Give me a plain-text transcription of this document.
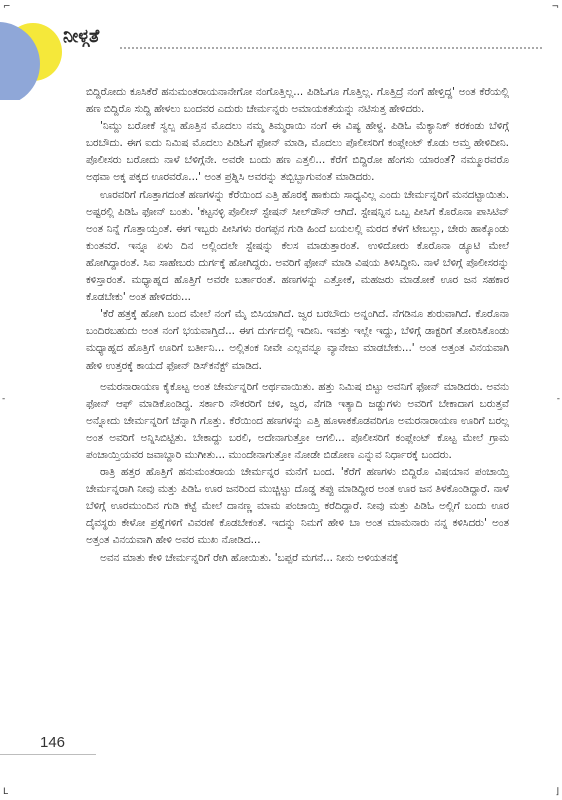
⌐	¬
L	⌋
-	-
ನೀಳ್ಗತೆ

ಬಿದ್ದಿರೋದು ಕೂಸಿಕೆರೆ ಹನುಮಂತರಾಯನಾನೇಗೋ ನಂಗೊತ್ತಿಲ್ಲ... ಪಿಡಿಓಗೂ ಗೊತ್ತಿಲ್ಲ. ಗೊತ್ತಿದ್ರೆ ನಂಗೆ ಹೇಳ್ತಿದ್ದ' ಅಂತ ಕೆರೆಯಲ್ಲಿ ಹಣ ಬಿದ್ದಿರೊ ಸುದ್ದಿ ಹೇಳಲು ಬಂದವರ ಎದುರು ಚೇರ್ಮನ್ನರು ಅಮಾಯಕತೆಯನ್ನು ನಟಿಸುತ್ತ ಹೇಳಿದರು.

'ನಿಮ್ದು ಬರೋಕೆ ಸ್ವಲ್ಪ ಹೊತ್ತಿನ ಮೊದಲು ನಮ್ಮ ತಿಮ್ಮರಾಯಿ ನಂಗೆ ಈ ವಿಷ್ಯ ಹೇಳ್ದ. ಪಿಡಿಓ ಮೆಕ್ಯಾನಿಕ್ ಕರಕಂಡು ಬೆಳಿಗ್ಗೆ ಬರಬೌದು. ಈಗ ಐದು ನಿಮಿಷ ಮೊದಲು ಪಿಡಿಓಗೆ ಫೋನ್ ಮಾಡಿ, ಮೊದಲು ಪೊಲೀಸರಿಗೆ ಕಂಪ್ಲೇಂಟ್ ಕೊಡು ಅಮ್ತ ಹೇಳಿದೀನಿ. ಪೊಲೀಸರು ಬರೋದು ನಾಳೆ ಬೆಳಿಗ್ಗೆನೇ. ಅವರೇ ಬಂದು ಹಣ ಎತ್ತಲಿ... ಕೆರೆಗೆ ಬಿದ್ದಿರೋ ಹೆಂಗಸು ಯಾರಂತೆ? ನಮ್ಮೂರವರೊ ಅಥವಾ ಅಕ್ಕ ಪಕ್ಕದ ಊರವರೊ...' ಅಂತ ಪ್ರಶ್ನಿಸಿ ಅವರನ್ನು ತಬ್ಬಿಬ್ಬಾಗುವಂತೆ ಮಾಡಿದರು.

ಊರವರಿಗೆ ಗೊತ್ತಾಗದಂತೆ ಹಣಗಳನ್ನು ಕೆರೆಯಿಂದ ಎತ್ತಿ ಹೊರಕ್ಕೆ ಹಾಕುದು ಸಾಧ್ಯವಿಲ್ಲ ಎಂದು ಚೇರ್ಮನ್ನರಿಗೆ ಮನದಟ್ಟಾಯಿತು. ಅಷ್ಟರಲ್ಲಿ ಪಿಡಿಓ ಫೋನ್ ಬಂತು. 'ಕಟ್ಟನಳ್ಳಿ ಪೊಲೀಸ್ ಸ್ಟೇಷನ್ ಸೀಲ್‌ಡೌನ್ ಆಗಿದೆ. ಸ್ಟೇಷನ್ನಿನ ಒಬ್ಬ ಪೀಸಿಗೆ ಕೊರೊನಾ ಪಾಸಿಟಿವ್ ಅಂತ ನಿನ್ನೆ ಗೊತ್ತಾಯ್ತಂತೆ. ಈಗ ಇಬ್ಬರು ಪೀಸಿಗಳು ರಂಗಪ್ಪನ ಗುಡಿ ಹಿಂದೆ ಬಯಲಲ್ಲಿ ಮರದ ಕೆಳಗೆ ಟೇಬಲ್ಲು, ಚೇರು ಹಾಕ್ಕೊಂಡು ಕುಂತವರೆ. ಇನ್ನೂ ಏಳು ದಿನ ಅಲ್ಲಿಂದಲೇ ಸ್ಟೇಷನ್ನು ಕೆಲಸ ಮಾಡುತ್ತಾರಂತೆ. ಉಳಿದೋರು ಕೊರೊನಾ ಡ್ಯೂಟಿ ಮೇಲೆ ಹೋಗಿದ್ದಾರಂತೆ. ಸಿಐ ಸಾಹೇಬರು ದುರ್ಗಕ್ಕೆ ಹೋಗಿದ್ದರು. ಅವರಿಗೆ ಫೋನ್ ಮಾಡಿ ವಿಷಯ ತಿಳಿಸಿದ್ದೀನಿ. ನಾಳೆ ಬೆಳಿಗ್ಗೆ ಪೊಲೀಸರನ್ನು ಕಳಿಸ್ತಾರಂತೆ. ಮಧ್ಯಾಹ್ನದ ಹೊತ್ತಿಗೆ ಅವರೇ ಬರ್ತಾರಂತೆ. ಹಣಗಳನ್ನು ಎತ್ತೋಕೆ, ಮಹಜರು ಮಾಡೋಕೆ ಊರ ಜನ ಸಹಕಾರ ಕೊಡಬೇಕು' ಅಂತ ಹೇಳಿದರು...

'ಕೆರೆ ಹತ್ರಕ್ಕೆ ಹೋಗಿ ಬಂದ ಮೇಲೆ ನಂಗೆ ಮೈ ಬಿಸಿಯಾಗಿದೆ. ಜ್ವರ ಬರಬೌದು ಅನ್ನಂಗಿದೆ. ನೆಗಡಿನೂ ಶುರುವಾಗಿದೆ. ಕೊರೊನಾ ಬಂದಿರಬಹುದು ಅಂತ ನಂಗೆ ಭಯವಾಗ್ತಿದೆ... ಈಗ ದುರ್ಗದಲ್ಲಿ ಇದೀನಿ. ಇವತ್ತು ಇಲ್ಲೇ ಇದ್ದು, ಬೆಳಿಗ್ಗೆ ಡಾಕ್ಟರಿಗೆ ತೋರಿಸಿಕೊಂಡು ಮಧ್ಯಾಹ್ನದ ಹೊತ್ತಿಗೆ ಊರಿಗೆ ಬರ್ತೀನಿ... ಅಲ್ಲಿತಂಕ ನೀವೇ ಎಲ್ಲವನ್ನೂ ವ್ಯಾನೇಜು ಮಾಡಬೇಕು...' ಅಂತ ಅತ್ತಂತ ವಿನಯವಾಗಿ ಹೇಳಿ ಉತ್ತರಕ್ಕೆ ಕಾಯದೆ ಫೋನ್ ಡಿಸ್‌ಕನೆಕ್ಟ್ ಮಾಡಿದ.

ಅಮರನಾರಾಯಣ ಕೈಕೊಟ್ಟ ಅಂತ ಚೇರ್ಮನ್ನರಿಗೆ ಅರ್ಥವಾಯಿತು. ಹತ್ತು ನಿಮಿಷ ಬಿಟ್ಟು ಅವನಿಗೆ ಫೋನ್ ಮಾಡಿದರು. ಅವನು ಫೋನ್ ಆಫ್ ಮಾಡಿಕೊಂಡಿದ್ದ. ಸರ್ಕಾರಿ ನೌಕರರಿಗೆ ಚಳಿ, ಜ್ವರ, ನೆಗಡಿ ಇತ್ಯಾದಿ ಜಡ್ಡುಗಳು ಅವರಿಗೆ ಬೇಕಾದಾಗ ಬರುತ್ತವೆ ಅನ್ನೋದು ಚೇರ್ಮನ್ನರಿಗೆ ಚೆನ್ನಾಗಿ ಗೊತ್ತು. ಕೆರೆಯಿಂದ ಹಣಗಳನ್ನು ಎತ್ತಿ ಹೂಳಾಕಕೊಡವರಿಗೂ ಅಮರನಾರಾಯಣ ಊರಿಗೆ ಬರಲ್ಲ ಅಂತ ಅವರಿಗೆ ಅನ್ನಿಸಿಬಿಟ್ಟಿತು. ಬೇಕಾದ್ದು ಬರಲಿ, ಅದೇನಾಗುತ್ತೋ ಆಗಲಿ... ಪೊಲೀಸರಿಗೆ ಕಂಪ್ಲೇಂಟ್ ಕೊಟ್ಟ ಮೇಲೆ ಗ್ರಾಮ ಪಂಚಾಯ್ತಿಯವರ ಜವಾಬ್ದಾರಿ ಮುಗೀತು... ಮುಂದೇನಾಗುತ್ತೋ ನೋಡೇ ಬಿಡೋಣ ಎನ್ನುವ ನಿರ್ಧಾರಕ್ಕೆ ಬಂದರು.

ರಾತ್ರಿ ಹತ್ತರ ಹೊತ್ತಿಗೆ ಹನುಮಂತರಾಯ ಚೇರ್ಮನ್ನರ ಮನೆಗೆ ಬಂದ. 'ಕೆರೆಗೆ ಹಣಗಳು ಬಿದ್ದಿರೊ ವಿಷಯಾನ ಪಂಚಾಯ್ತಿ ಚೇರ್ಮನ್ನರಾಗಿ ನೀವು ಮತ್ತು ಪಿಡಿಓ ಊರ ಜನರಿಂದ ಮುಚ್ಚಿಟ್ಟು ದೊಡ್ಡ ತಪ್ಪು ಮಾಡಿದ್ದೀರ ಅಂತ ಊರ ಜನ ತಿಳಕೊಂಡಿದ್ದಾರೆ. ನಾಳೆ ಬೆಳಿಗ್ಗೆ ಊರಮುಂದಿನ ಗುಡಿ ಕಟ್ಟೆ ಮೇಲೆ ದಾನಣ್ಣ ಮಾಮ ಪಂಚಾಯ್ತಿ ಕರೆದಿದ್ದಾರೆ. ನೀವು ಮತ್ತು ಪಿಡಿಓ ಅಲ್ಲಿಗೆ ಬಂದು ಊರ ದೈವಸ್ಥರು ಕೇಳೋ ಪ್ರಶ್ನೆಗಳಿಗೆ ವಿವರಣೆ ಕೊಡಬೇಕಂತೆ. ಇದನ್ನು ನಿಮಗೆ ಹೇಳಿ ಬಾ ಅಂತ ಮಾಮನಾರು ನನ್ನ ಕಳಿಸಿದರು' ಅಂತ ಅತ್ತಂತ ವಿನಯವಾಗಿ ಹೇಳಿ ಅವರ ಮುಖ ನೋಡಿದ...

ಅವನ ಮಾತು ಕೇಳಿ ಚೇರ್ಮನ್ನರಿಗೆ ರೇಗಿ ಹೋಯಿತು. 'ಬಪ್ಪರೆ ಮಗನೆ... ನೀನು ಅಳಿಯತನಕ್ಕೆ

146
